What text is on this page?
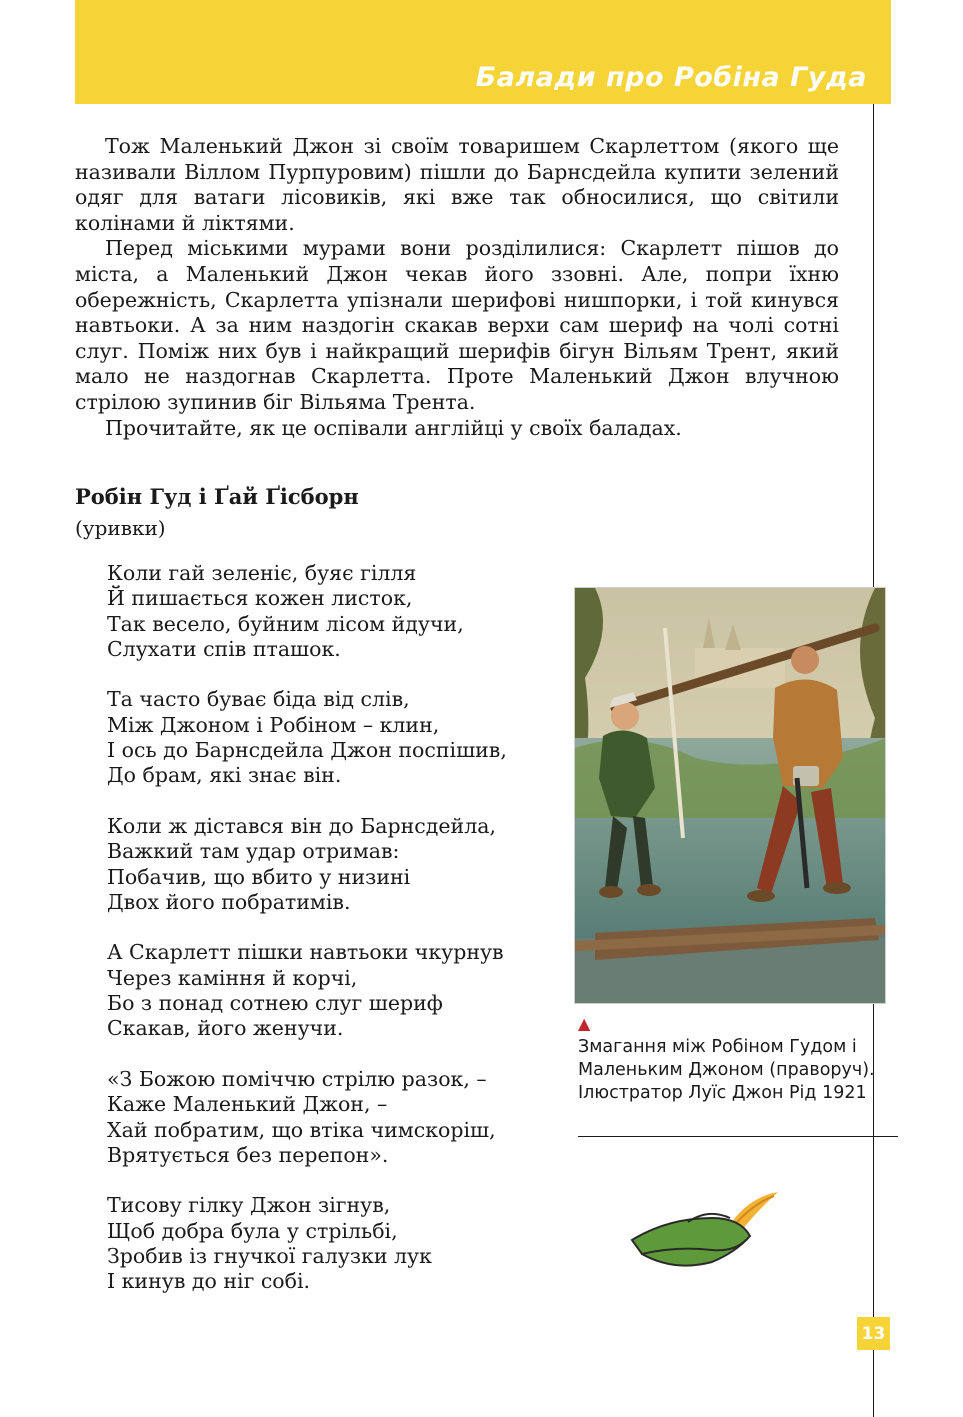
Балади про Робіна Гуда

Тож Маленький Джон зі своїм товаришем Скарлеттом (якого ще називали Віллом Пурпуровим) пішли до Барнсдейла купити зелений одяг для ватаги лісовиків, які вже так обносилися, що світили колінами й ліктями.

Перед міськими мурами вони розділилися: Скарлетт пішов до міста, а Маленький Джон чекав його ззовні. Але, попри їхню обережність, Скарлетта упізнали шерифові нишпорки, і той кинувся навтьоки. А за ним наздогін скакав верхи сам шериф на чолі сотні слуг. Поміж них був і найкращий шерифів бігун Вільям Трент, який мало не наздогнав Скарлетта. Проте Маленький Джон влучною стрілою зупинив біг Вільяма Трента.

Прочитайте, як це оспівали англійці у своїх баладах.

Робін Гуд і Ґай Ґісборн
(уривки)
Коли гай зеленіє, буяє гілля
Й пишається кожен листок,
Так весело, буйним лісом йдучи,
Слухати спів пташок.
Та часто буває біда від слів,
Між Джоном і Робіном – клин,
І ось до Барнсдейла Джон поспішив,
До брам, які знає він.
Коли ж дістався він до Барнсдейла,
Важкий там удар отримав:
Побачив, що вбито у низині
Двох його побратимів.
А Скарлетт пішки навтьоки чкурнув
Через каміння й корчі,
Бо з понад сотнею слуг шериф
Скакав, його женучи.
«З Божою поміччю стрілю разок, –
Каже Маленький Джон, –
Хай побратим, що втіка чимскоріш,
Врятується без перепон».
Тисову гілку Джон зігнув,
Щоб добра була у стрільбі,
Зробив із гнучкої галузки лук
І кинув до ніг собі.
▲
Змагання між Робіном Гудом і Маленьким Джоном (праворуч). Ілюстратор Луїс Джон Рід 1921
13
